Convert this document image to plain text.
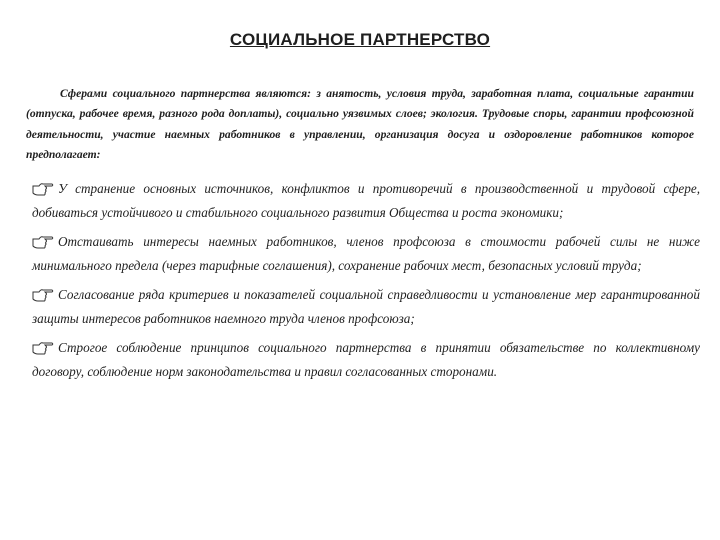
СОЦИАЛЬНОЕ ПАРТНЕРСТВО

Сферами социального партнерства являются: з анятость, условия труда, заработная плата, социальные гарантии (отпуска, рабочее время, разного рода доплаты), социально уязвимых слоев; экология. Трудовые споры, гарантии профсоюзной деятельности, участие наемных работников в управлении, организация досуга и оздоровление работников которое предполагает:

У странение основных источников, конфликтов и противоречий в производственной и трудовой сфере, добиваться устойчивого и стабильного социального развития Общества и роста экономики;
Отстаивать интересы наемных работников, членов профсоюза в стоимости рабочей силы не ниже минимального предела (через тарифные соглашения), сохранение рабочих мест, безопасных условий труда;
Согласование ряда критериев и показателей социальной справедливости и установление мер гарантированной защиты интересов работников наемного труда членов профсоюза;
Строгое соблюдение принципов социального партнерства в принятии обязательстве по коллективному договору, соблюдение норм законодательства и правил согласованных сторонами.
